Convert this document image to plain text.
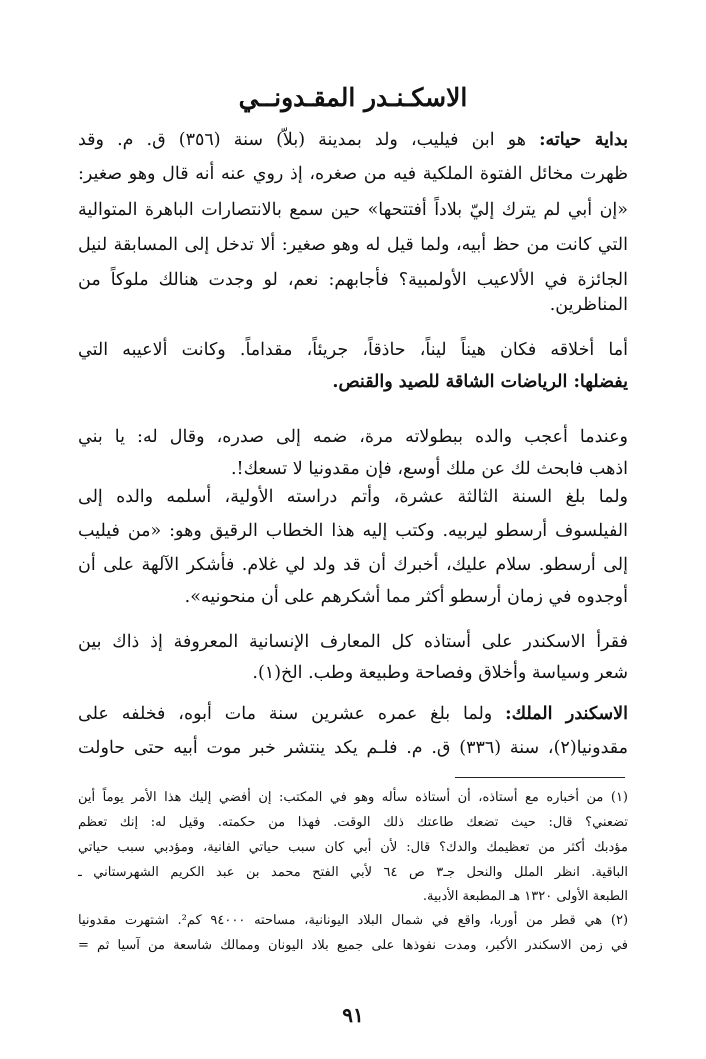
الاسكـنـدر المقـدونــي
بداية حياته: هو ابن فيليب، ولد بمدينة (بلاّ) سنة (٣٥٦) ق. م. وقد
ظهرت مخائل الفتوة الملكية فيه من صغره، إذ روي عنه أنه قال وهو صغير:
«إن أبي لم يترك إليّ بلاداً أفتتحها» حين سمع بالانتصارات الباهرة المتوالية
التي كانت من حظ أبيه، ولما قيل له وهو صغير: ألا تدخل إلى المسابقة لنيل
الجائزة في الألاعيب الأولمبية؟ فأجابهم: نعم، لو وجدت هنالك ملوكاً من
المناظرين.
أما أخلاقه فكان هيناً ليناً، حاذقاً، جريئاً، مقداماً. وكانت ألاعيبه التي
يفضلها: الرياضات الشاقة للصيد والقنص.
وعندما أعجب والده ببطولاته مرة، ضمه إلى صدره، وقال له: يا بني
اذهب فابحث لك عن ملك أوسع، فإن مقدونيا لا تسعك!.
ولما بلغ السنة الثالثة عشرة، وأتم دراسته الأولية، أسلمه والده إلى
الفيلسوف أرسطو ليربيه. وكتب إليه هذا الخطاب الرقيق وهو: «من فيليب
إلى أرسطو. سلام عليك، أخبرك أن قد ولد لي غلام. فأشكر الآلهة على أن
أوجدوه في زمان أرسطو أكثر مما أشكرهم على أن منحونيه».
فقرأ الاسكندر على أستاذه كل المعارف الإنسانية المعروفة إذ ذاك بين
شعر وسياسة وأخلاق وفصاحة وطبيعة وطب. الخ(١).
الاسكندر الملك: ولما بلغ عمره عشرين سنة مات أبوه، فخلفه على
مقدونيا(٢)، سنة (٣٣٦) ق. م. فلـم يكد ينتشر خبر موت أبيه حتى حاولت
(١) من أخباره مع أستاذه، أن أستاذه سأله وهو في المكتب: إن أفضي إليك هذا الأمر يوماً أين
تضعني؟ قال: حيث تضعك طاعتك ذلك الوقت. فهذا من حكمته. وقيل له: إنك تعظم
مؤدبك أكثر من تعظيمك والدك؟ قال: لأن أبي كان سبب حياتي الفانية، ومؤدبي سبب حياتي
الباقية. انظر الملل والنحل جـ٣ ص ٦٤ لأبي الفتح محمد بن عبد الكريم الشهرستاني ـ
الطبعة الأولى ١٣٢٠ هـ المطبعة الأدبية.
(٢) هي قطر من أوربا، واقع في شمال البلاد اليونانية، مساحته ٩٤٠٠٠ كم². اشتهرت مقدونيا
في زمن الاسكندر الأكبر، ومدت نفوذها على جميع بلاد اليونان وممالك شاسعة من آسيا ثم =
٩١
